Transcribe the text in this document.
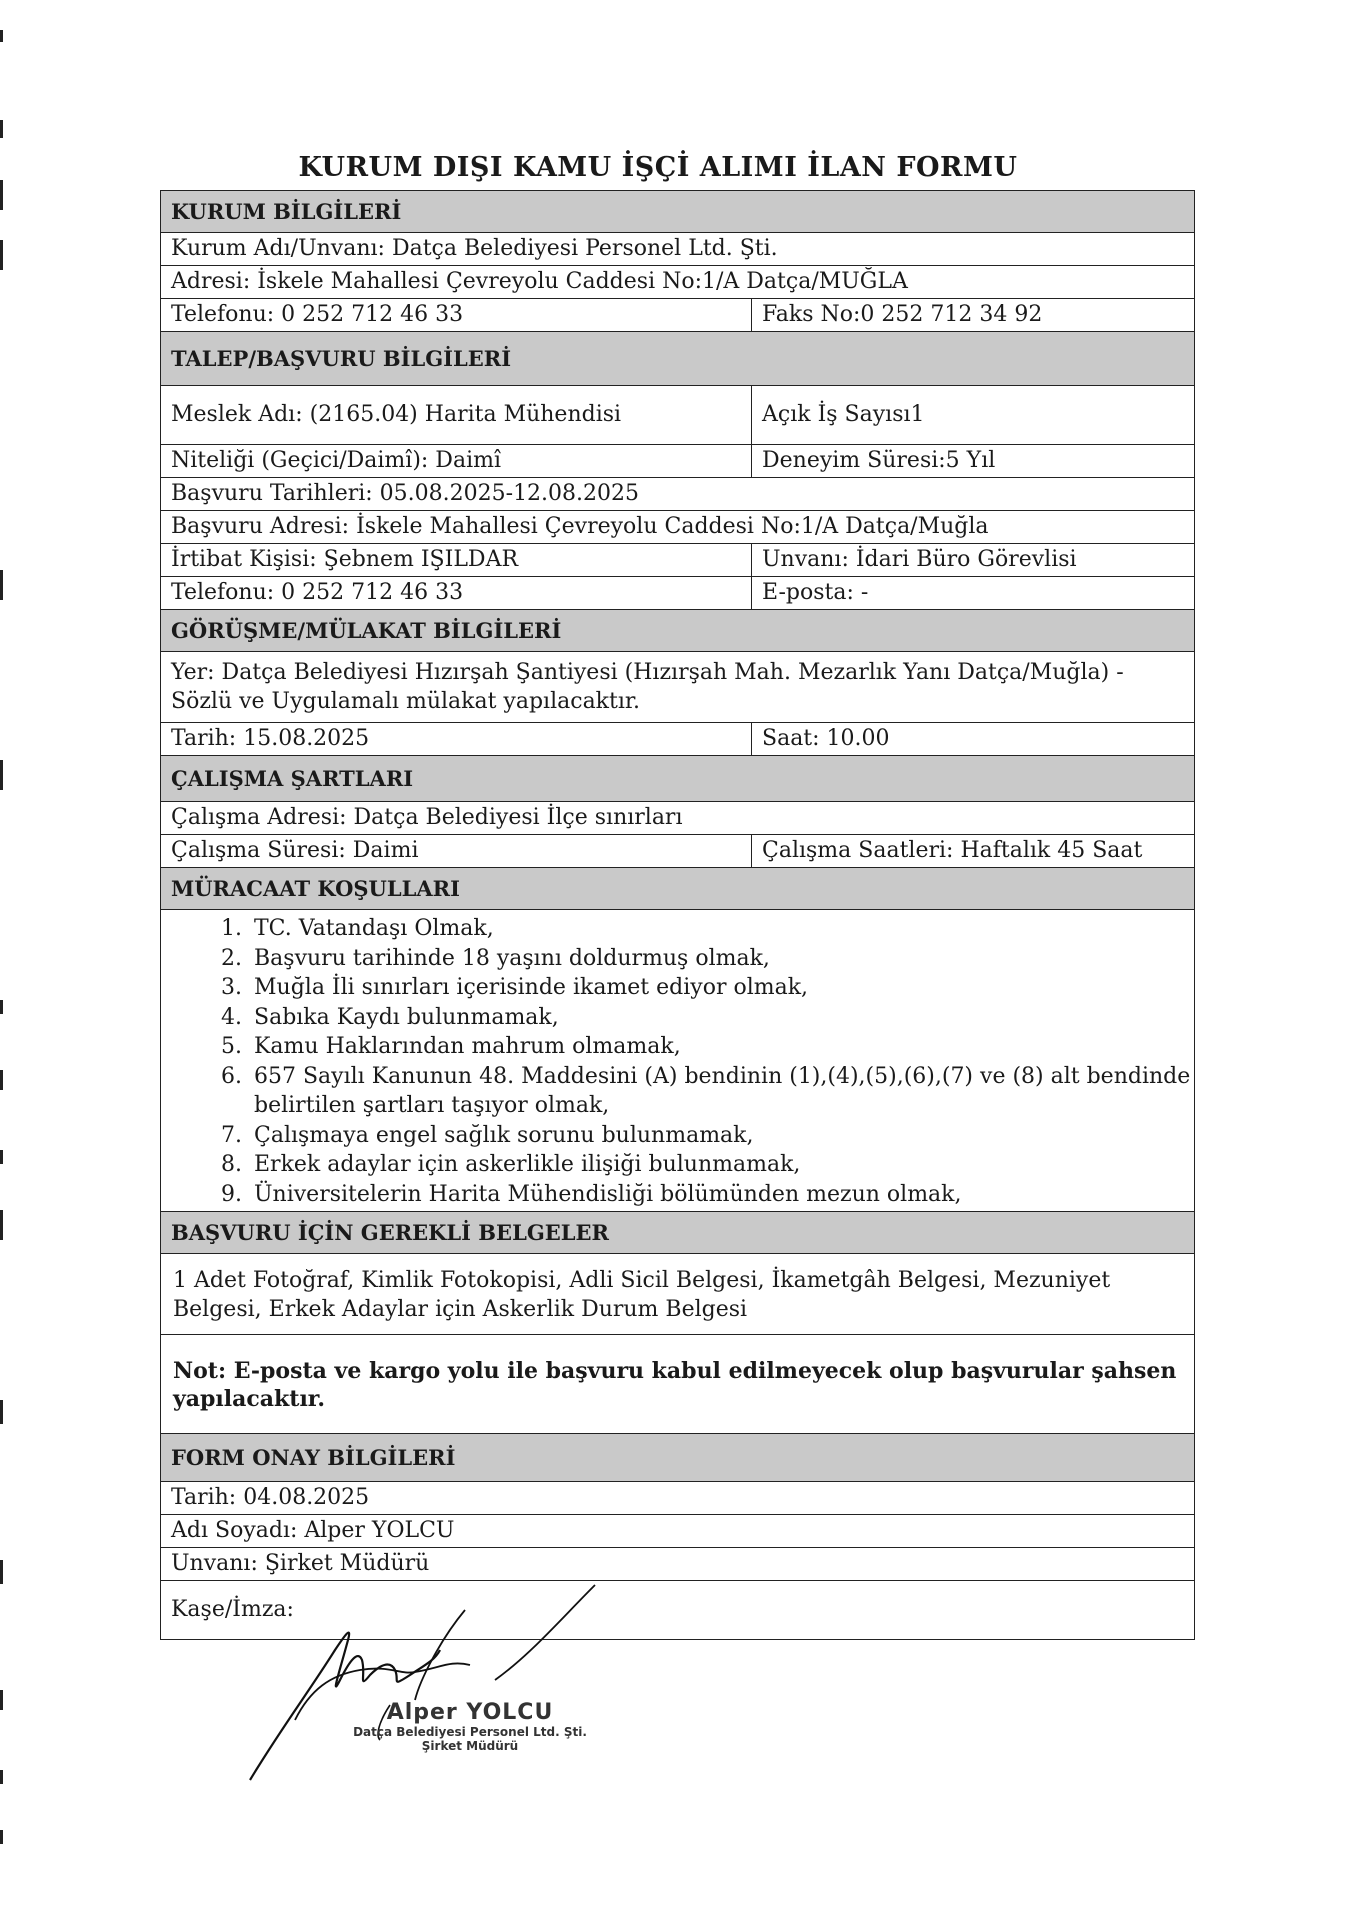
KURUM DIŞI KAMU İŞÇİ ALIMI İLAN FORMU
KURUM BİLGİLERİ
Kurum Adı/Unvanı: Datça Belediyesi Personel Ltd. Şti.
Adresi: İskele Mahallesi Çevreyolu Caddesi No:1/A Datça/MUĞLA
Telefonu: 0 252 712 46 33	Faks No:0 252 712 34 92
TALEP/BAŞVURU BİLGİLERİ
Meslek Adı: (2165.04) Harita Mühendisi	Açık İş Sayısı1
Niteliği (Geçici/Daimî): Daimî	Deneyim Süresi:5 Yıl
Başvuru Tarihleri: 05.08.2025-12.08.2025
Başvuru Adresi: İskele Mahallesi Çevreyolu Caddesi No:1/A Datça/Muğla
İrtibat Kişisi: Şebnem IŞILDAR	Unvanı: İdari Büro Görevlisi
Telefonu: 0 252 712 46 33	E-posta: -
GÖRÜŞME/MÜLAKAT BİLGİLERİ
Yer: Datça Belediyesi Hızırşah Şantiyesi (Hızırşah Mah. Mezarlık Yanı Datça/Muğla) -
Sözlü ve Uygulamalı mülakat yapılacaktır.
Tarih: 15.08.2025	Saat: 10.00
ÇALIŞMA ŞARTLARI
Çalışma Adresi: Datça Belediyesi İlçe sınırları
Çalışma Süresi: Daimi	Çalışma Saatleri: Haftalık 45 Saat
MÜRACAAT KOŞULLARI
1. TC. Vatandaşı Olmak,
2. Başvuru tarihinde 18 yaşını doldurmuş olmak,
3. Muğla İli sınırları içerisinde ikamet ediyor olmak,
4. Sabıka Kaydı bulunmamak,
5. Kamu Haklarından mahrum olmamak,
6. 657 Sayılı Kanunun 48. Maddesini (A) bendinin (1),(4),(5),(6),(7) ve (8) alt bendinde belirtilen şartları taşıyor olmak,
7. Çalışmaya engel sağlık sorunu bulunmamak,
8. Erkek adaylar için askerlikle ilişiği bulunmamak,
9. Üniversitelerin Harita Mühendisliği bölümünden mezun olmak,
BAŞVURU İÇİN GEREKLİ BELGELER
1 Adet Fotoğraf, Kimlik Fotokopisi, Adli Sicil Belgesi, İkametgâh Belgesi, Mezuniyet Belgesi, Erkek Adaylar için Askerlik Durum Belgesi
Not: E-posta ve kargo yolu ile başvuru kabul edilmeyecek olup başvurular şahsen yapılacaktır.
FORM ONAY BİLGİLERİ
Tarih: 04.08.2025
Adı Soyadı: Alper YOLCU
Unvanı: Şirket Müdürü
Kaşe/İmza:
Alper YOLCU
Datça Belediyesi Personel Ltd. Şti.
Şirket Müdürü
